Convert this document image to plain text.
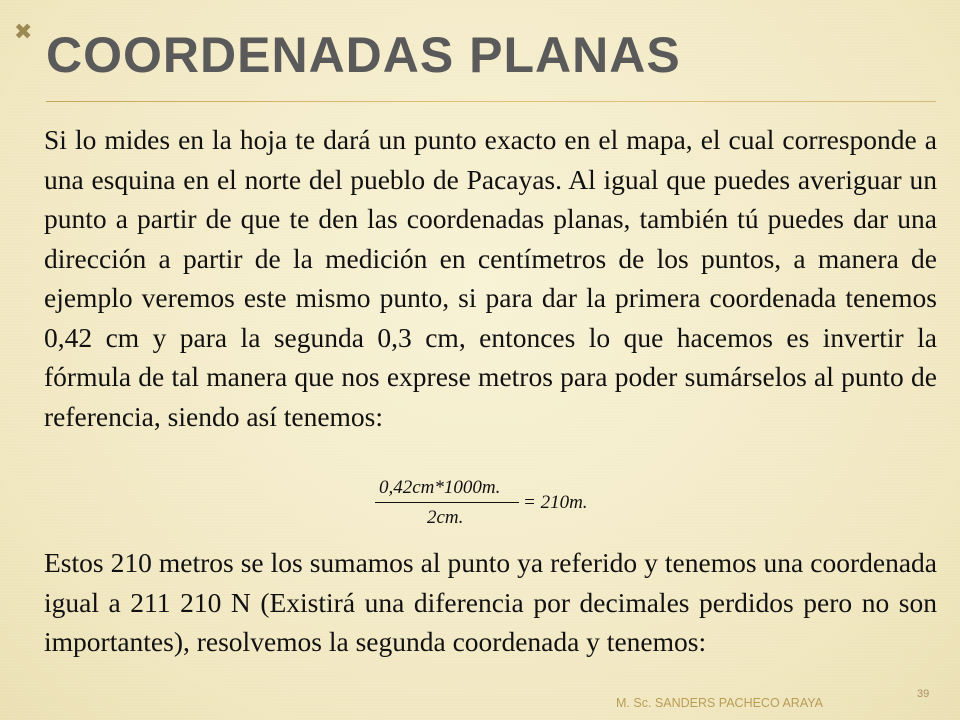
✖ COORDENADAS PLANAS

Si lo mides en la hoja te dará un punto exacto en el mapa, el cual corresponde a una esquina en el norte del pueblo de Pacayas. Al igual que puedes averiguar un punto a partir de que te den las coordenadas planas, también tú puedes dar una dirección a partir de la medición en centímetros de los puntos, a manera de ejemplo veremos este mismo punto, si para dar la primera coordenada tenemos 0,42 cm y para la segunda 0,3 cm, entonces lo que hacemos es invertir la fórmula de tal manera que nos exprese metros para poder sumárselos al punto de referencia, siendo así tenemos:

0,42cm*1000m.
2cm.
= 210m.

Estos 210 metros se los sumamos al punto ya referido y tenemos una coordenada igual a 211 210 N (Existirá una diferencia por decimales perdidos pero no son importantes), resolvemos la segunda coordenada y tenemos:

M. Sc. SANDERS PACHECO ARAYA
39
